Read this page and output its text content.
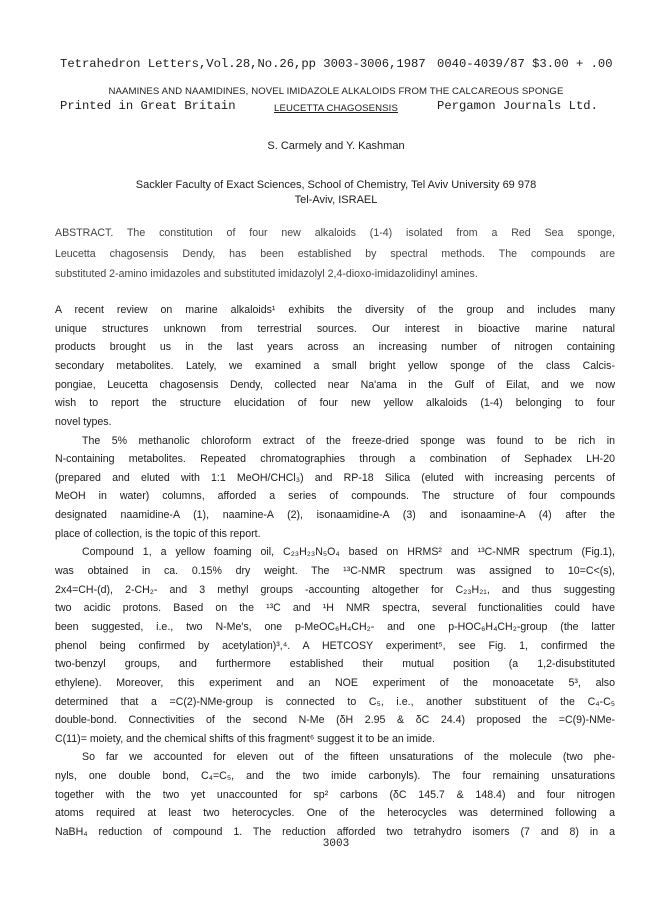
Tetrahedron Letters,Vol.28,No.26,pp 3003-3006,1987

Printed in Great Britain

0040-4039/87 $3.00 + .00

Pergamon Journals Ltd.

NAAMINES AND NAAMIDINES, NOVEL IMIDAZOLE ALKALOIDS FROM THE CALCAREOUS SPONGE
LEUCETTA CHAGOSENSIS
S. Carmely and Y. Kashman
Sackler Faculty of Exact Sciences, School of Chemistry, Tel Aviv University 69 978
Tel-Aviv, ISRAEL
ABSTRACT. The constitution of four new alkaloids (1-4) isolated from a Red Sea sponge,
Leucetta chagosensis Dendy, has been established by spectral methods. The compounds are
substituted 2-amino imidazoles and substituted imidazolyl 2,4-dioxo-imidazolidinyl amines.
A recent review on marine alkaloids¹ exhibits the diversity of the group and includes many
unique structures unknown from terrestrial sources. Our interest in bioactive marine natural
products brought us in the last years across an increasing number of nitrogen containing
secondary metabolites. Lately, we examined a small bright yellow sponge of the class Calcis-
pongiae, Leucetta chagosensis Dendy, collected near Na'ama in the Gulf of Eilat, and we now
wish to report the structure elucidation of four new yellow alkaloids (1-4) belonging to four
novel types.
The 5% methanolic chloroform extract of the freeze-dried sponge was found to be rich in
N-containing metabolites. Repeated chromatographies through a combination of Sephadex LH-20
(prepared and eluted with 1:1 MeOH/CHCl₃) and RP-18 Silica (eluted with increasing percents of
MeOH in water) columns, afforded a series of compounds. The structure of four compounds
designated naamidine-A (1), naamine-A (2), isonaamidine-A (3) and isonaamine-A (4) after the
place of collection, is the topic of this report.
Compound 1, a yellow foaming oil, C₂₃H₂₃N₅O₄ based on HRMS² and ¹³C-NMR spectrum (Fig.1),
was obtained in ca. 0.15% dry weight. The ¹³C-NMR spectrum was assigned to 10=C<(s),
2x4=CH-(d), 2-CH₂- and 3 methyl groups -accounting altogether for C₂₃H₂₁, and thus suggesting
two acidic protons. Based on the ¹³C and ¹H NMR spectra, several functionalities could have
been suggested, i.e., two N-Me's, one p-MeOC₆H₄CH₂- and one p-HOC₆H₄CH₂-group (the latter
phenol being confirmed by acetylation)³,⁴. A HETCOSY experiment⁵, see Fig. 1, confirmed the
two-benzyl groups, and furthermore established their mutual position (a 1,2-disubstituted
ethylene). Moreover, this experiment and an NOE experiment of the monoacetate 5³, also
determined that a =C(2)-NMe-group is connected to C₅, i.e., another substituent of the C₄-C₅
double-bond. Connectivities of the second N-Me (δH 2.95 & δC 24.4) proposed the =C(9)-NMe-
C(11)= moiety, and the chemical shifts of this fragment⁶ suggest it to be an imide.
So far we accounted for eleven out of the fifteen unsaturations of the molecule (two phe-
nyls, one double bond, C₄=C₅, and the two imide carbonyls). The four remaining unsaturations
together with the two yet unaccounted for sp² carbons (δC 145.7 & 148.4) and four nitrogen
atoms required at least two heterocycles. One of the heterocycles was determined following a
NaBH₄ reduction of compound 1. The reduction afforded two tetrahydro isomers (7 and 8) in a
3003
